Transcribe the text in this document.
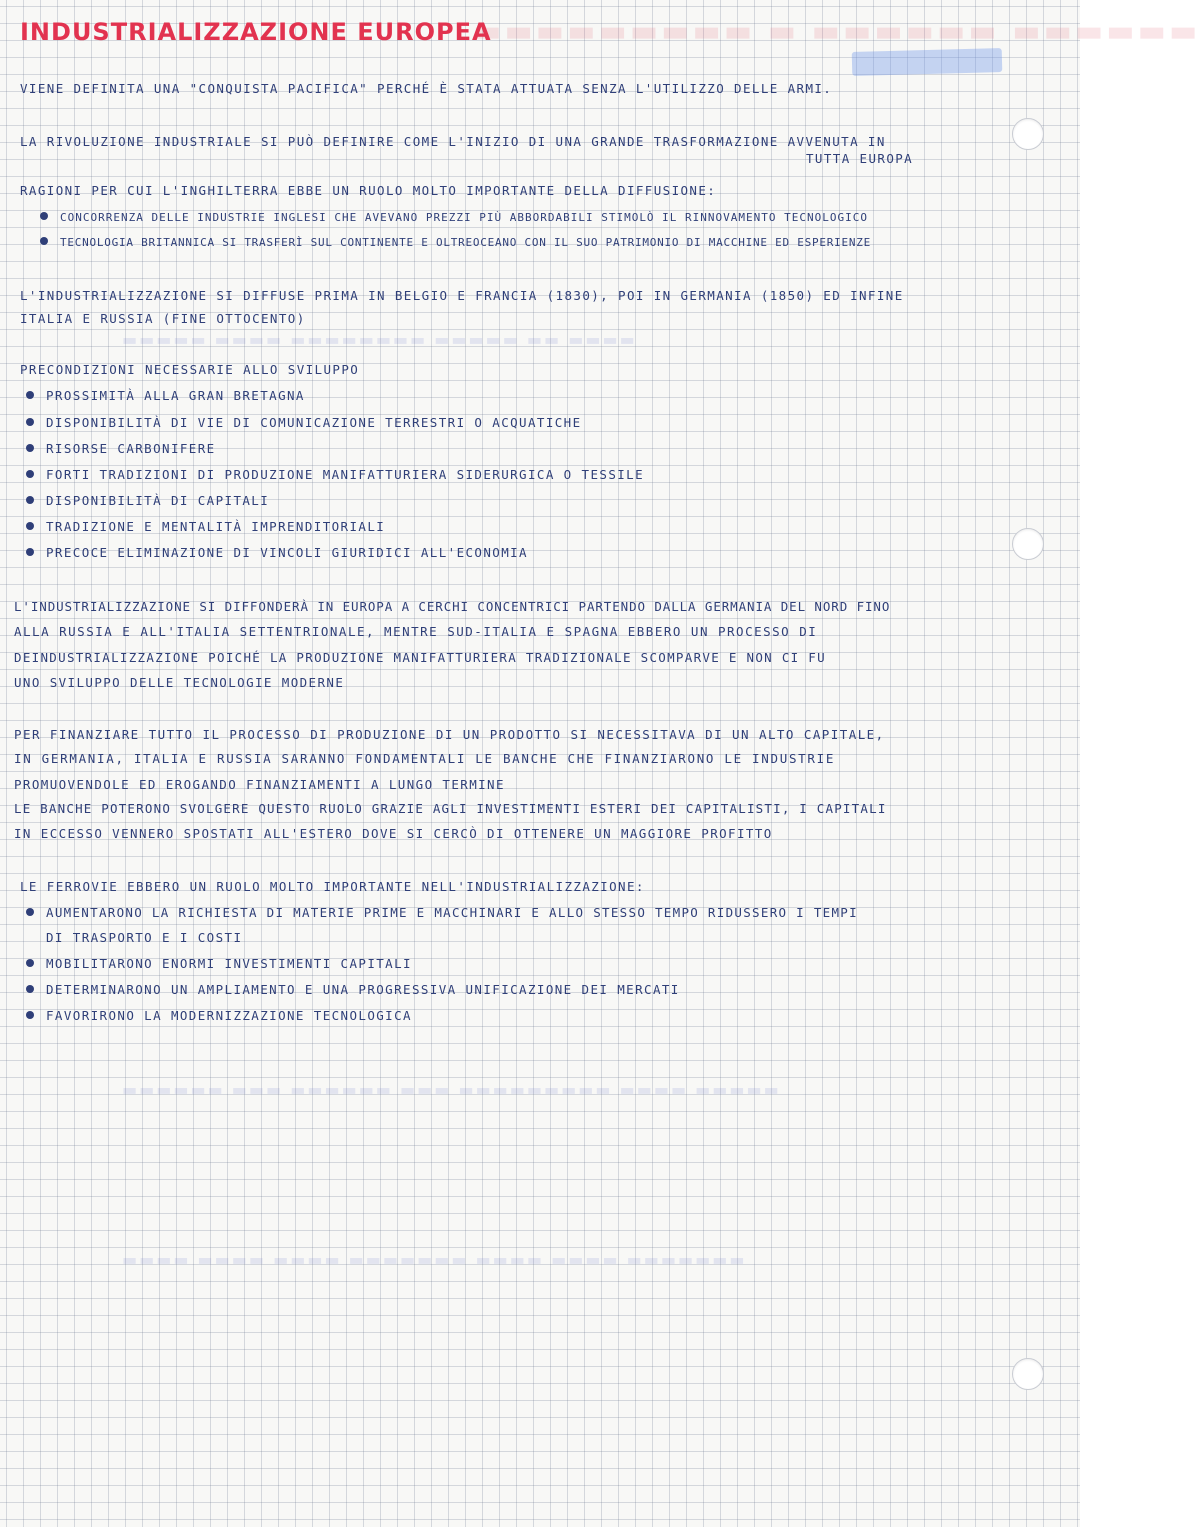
▬▬▬▬▬▬ ▬▬▬▬▬▬ ▬ ▬▬▬▬▬▬▬▬▬
▬▬▬▬ ▬▬ ▬▬▬▬▬ ▬▬▬▬▬▬▬▬ ▬▬▬▬ ▬▬▬▬▬
▬▬▬▬▬ ▬▬▬▬ ▬▬▬▬▬▬▬▬▬ ▬▬▬ ▬▬▬▬▬▬ ▬▬▬ ▬▬▬▬▬▬
▬▬▬▬▬▬▬ ▬▬▬▬ ▬▬▬▬ ▬▬▬▬▬▬▬ ▬▬▬▬ ▬▬▬▬ ▬▬▬▬
INDUSTRIALIZZAZIONE EUROPEA
VIENE DEFINITA UNA "CONQUISTA PACIFICA" PERCHÉ È STATA ATTUATA SENZA L'UTILIZZO DELLE ARMI.
LA RIVOLUZIONE INDUSTRIALE SI PUÒ DEFINIRE COME L'INIZIO DI UNA GRANDE TRASFORMAZIONE AVVENUTA IN
TUTTA EUROPA
RAGIONI PER CUI L'INGHILTERRA EBBE UN RUOLO MOLTO IMPORTANTE DELLA DIFFUSIONE:
CONCORRENZA DELLE INDUSTRIE INGLESI CHE AVEVANO PREZZI PIÙ ABBORDABILI STIMOLÒ IL RINNOVAMENTO TECNOLOGICO
TECNOLOGIA BRITANNICA SI TRASFERÌ SUL CONTINENTE E OLTREOCEANO CON IL SUO PATRIMONIO DI MACCHINE ED ESPERIENZE
L'INDUSTRIALIZZAZIONE SI DIFFUSE PRIMA IN BELGIO E FRANCIA (1830), POI IN GERMANIA (1850) ED INFINE
ITALIA E RUSSIA (FINE OTTOCENTO)
PRECONDIZIONI NECESSARIE ALLO SVILUPPO
PROSSIMITÀ ALLA GRAN BRETAGNA
DISPONIBILITÀ DI VIE DI COMUNICAZIONE TERRESTRI O ACQUATICHE
RISORSE CARBONIFERE
FORTI TRADIZIONI DI PRODUZIONE MANIFATTURIERA SIDERURGICA O TESSILE
DISPONIBILITÀ DI CAPITALI
TRADIZIONE E MENTALITÀ IMPRENDITORIALI
PRECOCE ELIMINAZIONE DI VINCOLI GIURIDICI ALL'ECONOMIA
L'INDUSTRIALIZZAZIONE SI DIFFONDERÀ IN EUROPA A CERCHI CONCENTRICI PARTENDO DALLA GERMANIA DEL NORD FINO
ALLA RUSSIA E ALL'ITALIA SETTENTRIONALE, MENTRE SUD-ITALIA E SPAGNA EBBERO UN PROCESSO DI
DEINDUSTRIALIZZAZIONE POICHÉ LA PRODUZIONE MANIFATTURIERA TRADIZIONALE SCOMPARVE E NON CI FU
UNO SVILUPPO DELLE TECNOLOGIE MODERNE
PER FINANZIARE TUTTO IL PROCESSO DI PRODUZIONE DI UN PRODOTTO SI NECESSITAVA DI UN ALTO CAPITALE,
IN GERMANIA, ITALIA E RUSSIA SARANNO FONDAMENTALI LE BANCHE CHE FINANZIARONO LE INDUSTRIE
PROMUOVENDOLE ED EROGANDO FINANZIAMENTI A LUNGO TERMINE
LE BANCHE POTERONO SVOLGERE QUESTO RUOLO GRAZIE AGLI INVESTIMENTI ESTERI DEI CAPITALISTI, I CAPITALI
IN ECCESSO VENNERO SPOSTATI ALL'ESTERO DOVE SI CERCÒ DI OTTENERE UN MAGGIORE PROFITTO
LE FERROVIE EBBERO UN RUOLO MOLTO IMPORTANTE NELL'INDUSTRIALIZZAZIONE:
AUMENTARONO LA RICHIESTA DI MATERIE PRIME E MACCHINARI E ALLO STESSO TEMPO RIDUSSERO I TEMPI
DI TRASPORTO E I COSTI
MOBILITARONO ENORMI INVESTIMENTI CAPITALI
DETERMINARONO UN AMPLIAMENTO E UNA PROGRESSIVA UNIFICAZIONE DEI MERCATI
FAVORIRONO LA MODERNIZZAZIONE TECNOLOGICA
